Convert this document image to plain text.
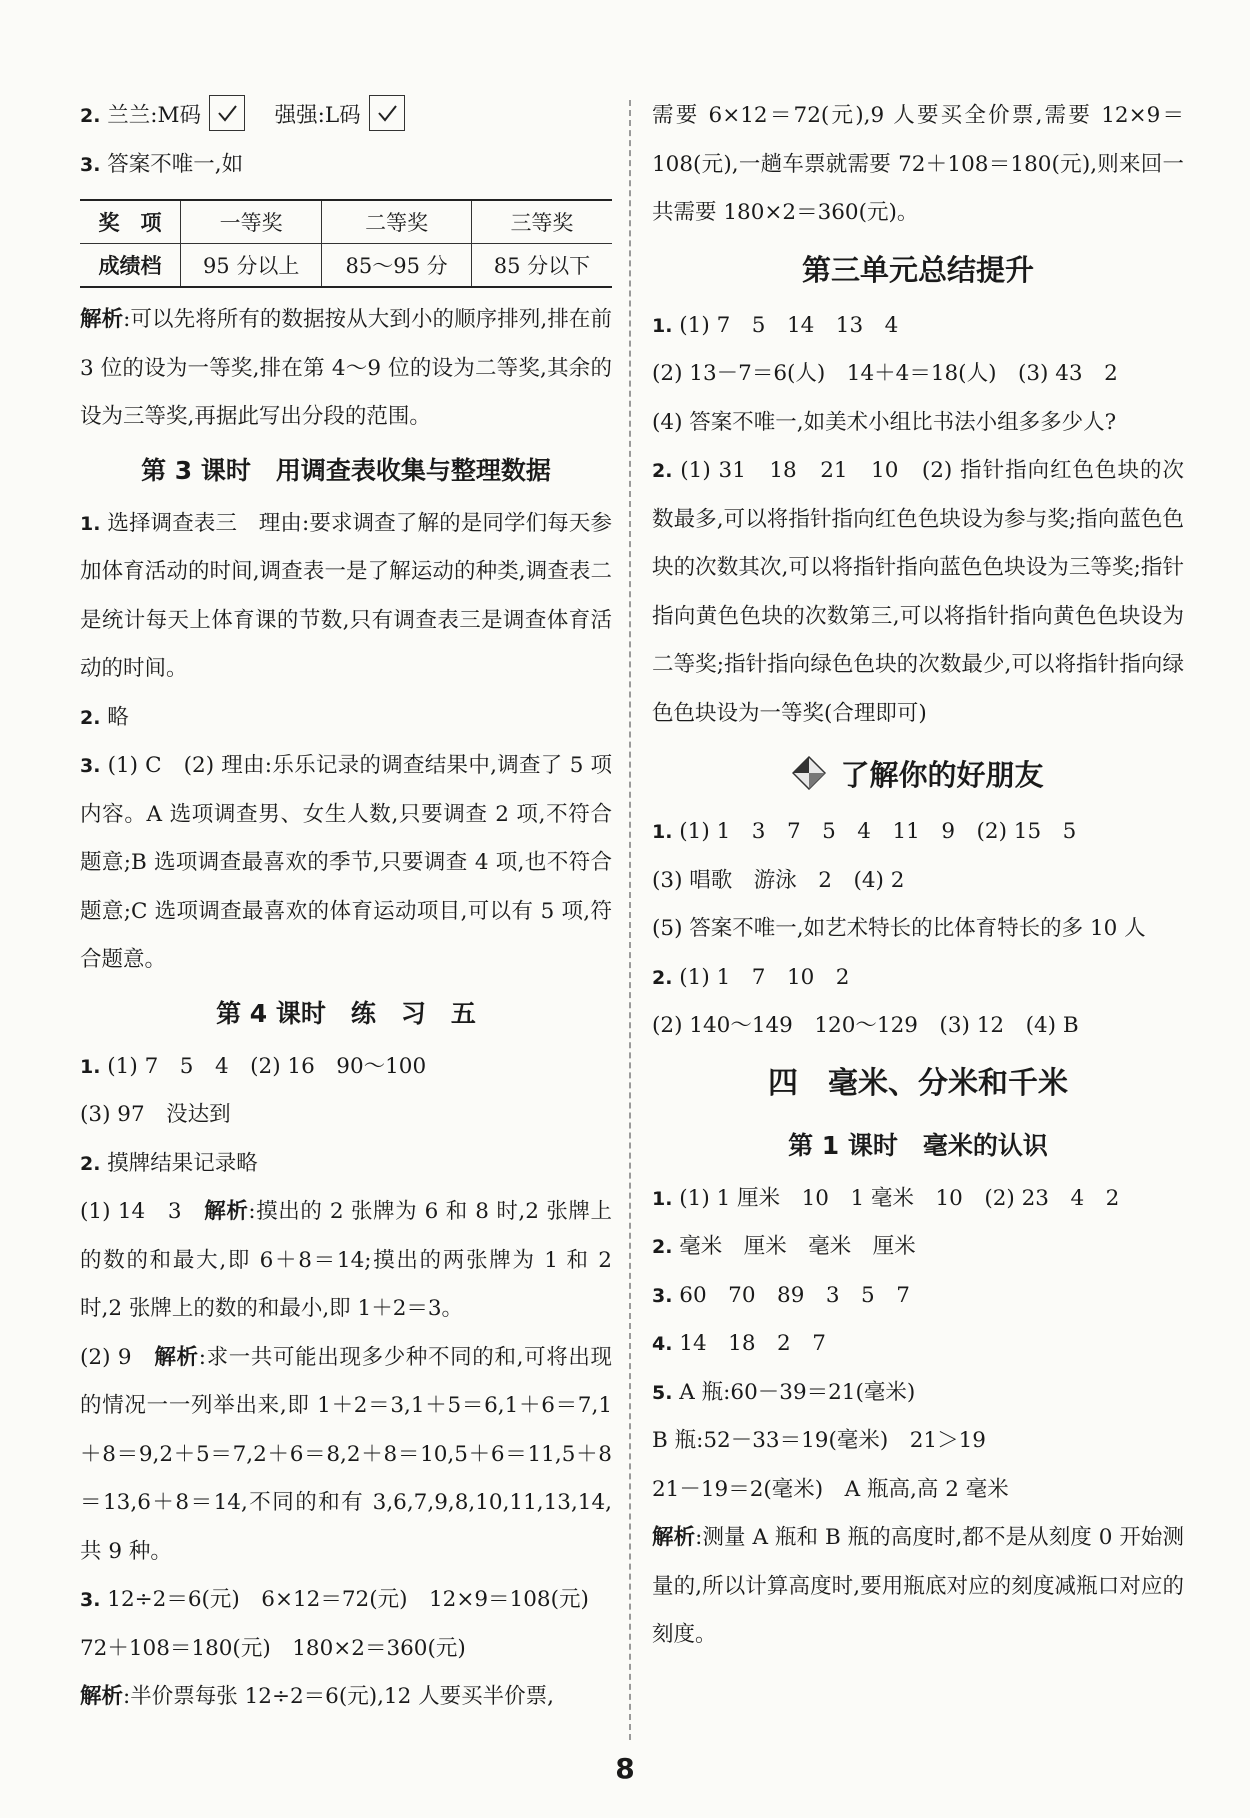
2. 兰兰:M码
　	强强:L码

3. 答案不唯一,如

奖　项	一等奖	二等奖	三等奖
成绩档	95 分以上	85～95 分	85 分以下

解析:可以先将所有的数据按从大到小的顺序排列,排在前 3 位的设为一等奖,排在第 4～9 位的设为二等奖,其余的设为三等奖,再据此写出分段的范围。

第 3 课时　用调查表收集与整理数据

1. 选择调查表三　理由:要求调查了解的是同学们每天参加体育活动的时间,调查表一是了解运动的种类,调查表二是统计每天上体育课的节数,只有调查表三是调查体育活动的时间。

2. 略

3. (1) C　(2) 理由:乐乐记录的调查结果中,调查了 5 项内容。A 选项调查男、女生人数,只要调查 2 项,不符合题意;B 选项调查最喜欢的季节,只要调查 4 项,也不符合题意;C 选项调查最喜欢的体育运动项目,可以有 5 项,符合题意。

第 4 课时　练　习　五

1. (1) 7　5　4　(2) 16　90～100

(3) 97　没达到

2. 摸牌结果记录略

(1) 14　3　解析:摸出的 2 张牌为 6 和 8 时,2 张牌上的数的和最大,即 6＋8＝14;摸出的两张牌为 1 和 2 时,2 张牌上的数的和最小,即 1＋2＝3。

(2) 9　解析:求一共可能出现多少种不同的和,可将出现的情况一一列举出来,即 1＋2＝3,1＋5＝6,1＋6＝7,1＋8＝9,2＋5＝7,2＋6＝8,2＋8＝10,5＋6＝11,5＋8＝13,6＋8＝14,不同的和有 3,6,7,9,8,10,11,13,14,共 9 种。

3. 12÷2＝6(元)　6×12＝72(元)　12×9＝108(元)

72＋108＝180(元)　180×2＝360(元)

解析:半价票每张 12÷2＝6(元),12 人要买半价票,

需要 6×12＝72(元),9 人要买全价票,需要 12×9＝108(元),一趟车票就需要 72＋108＝180(元),则来回一共需要 180×2＝360(元)。

第三单元总结提升

1. (1) 7　5　14　13　4

(2) 13－7＝6(人)　14＋4＝18(人)　(3) 43　2

(4) 答案不唯一,如美术小组比书法小组多多少人?

2. (1) 31　18　21　10　(2) 指针指向红色色块的次数最多,可以将指针指向红色色块设为参与奖;指向蓝色色块的次数其次,可以将指针指向蓝色色块设为三等奖;指针指向黄色色块的次数第三,可以将指针指向黄色色块设为二等奖;指针指向绿色色块的次数最少,可以将指针指向绿色色块设为一等奖(合理即可)

了解你的好朋友

1. (1) 1　3　7　5　4　11　9　(2) 15　5

(3) 唱歌　游泳　2　(4) 2

(5) 答案不唯一,如艺术特长的比体育特长的多 10 人

2. (1) 1　7　10　2

(2) 140～149　120～129　(3) 12　(4) B

四　毫米、分米和千米
第 1 课时　毫米的认识

1. (1) 1 厘米　10　1 毫米　10　(2) 23　4　2

2. 毫米　厘米　毫米　厘米

3. 60　70　89　3　5　7

4. 14　18　2　7

5. A 瓶:60－39＝21(毫米)

B 瓶:52－33＝19(毫米)　21＞19

21－19＝2(毫米)　A 瓶高,高 2 毫米

解析:测量 A 瓶和 B 瓶的高度时,都不是从刻度 0 开始测量的,所以计算高度时,要用瓶底对应的刻度减瓶口对应的刻度。

8
